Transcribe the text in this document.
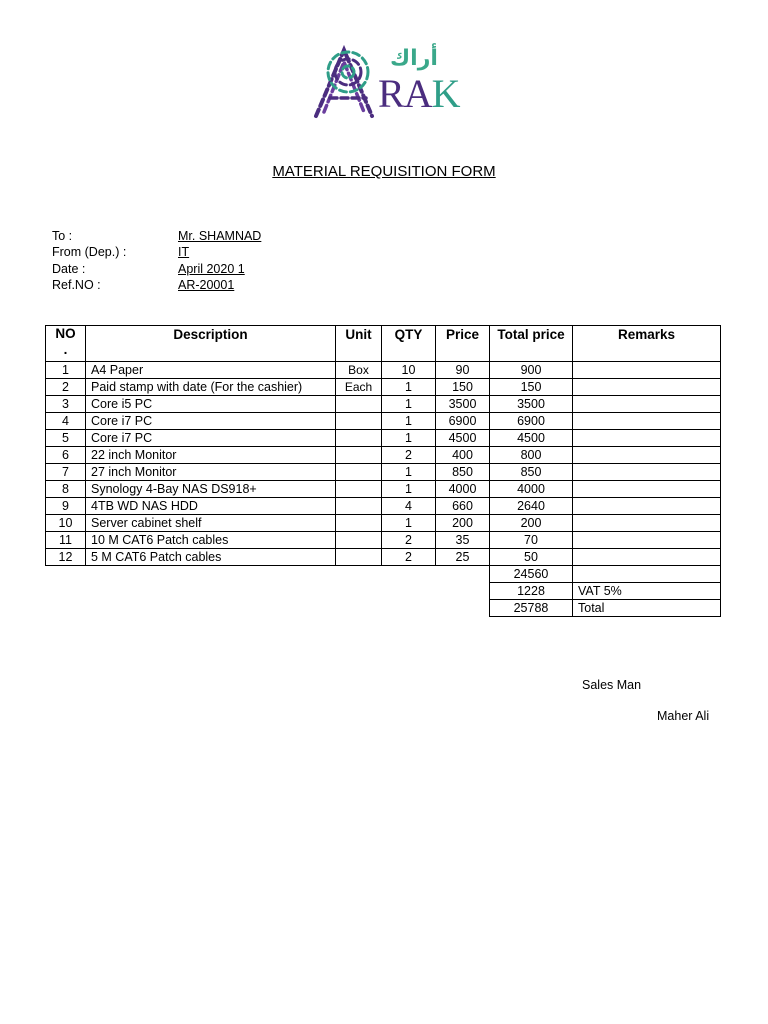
أراك
RAK
MATERIAL REQUISITION FORM
To :	Mr. SHAMNAD
From (Dep.) :	IT
Date :	April 2020 1
Ref.NO :	AR-20001
NO
.	Description	Unit	QTY	Price	Total price	Remarks
1	A4 Paper	Box	10	90	900	
2	Paid stamp with date (For the cashier)	Each	1	150	150	
3	Core i5 PC		1	3500	3500	
4	Core i7 PC		1	6900	6900	
5	Core i7 PC		1	4500	4500	
6	22 inch Monitor		2	400	800	
7	27 inch Monitor		1	850	850	
8	Synology 4-Bay NAS DS918+		1	4000	4000	
9	4TB WD NAS HDD		4	660	2640	
10	Server cabinet shelf		1	200	200	
11	10 M CAT6 Patch cables		2	35	70	
12	5 M CAT6 Patch cables		2	25	50	
					24560	
					1228	VAT 5%
					25788	Total
Sales Man
Maher Ali
